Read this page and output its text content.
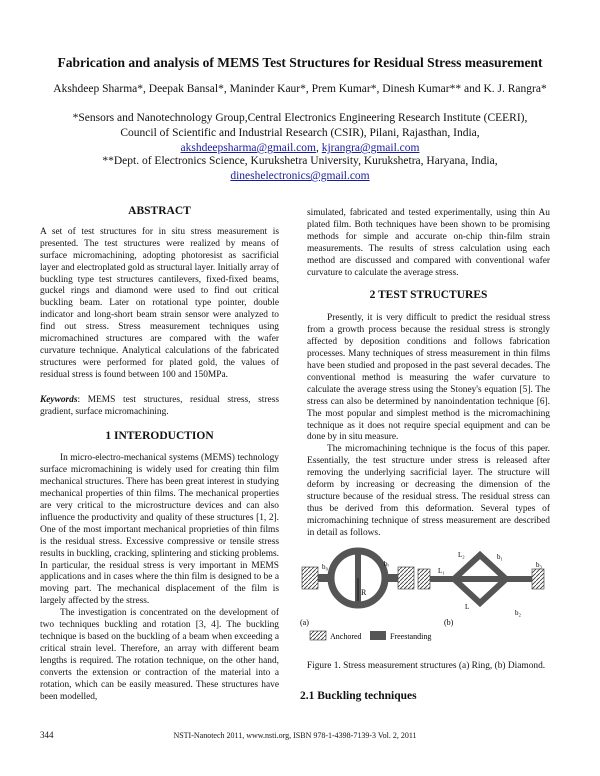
Fabrication and analysis of MEMS Test Structures for Residual Stress measurement
Akshdeep Sharma*, Deepak Bansal*, Maninder Kaur*, Prem Kumar*, Dinesh Kumar** and K. J. Rangra*
*Sensors and Nanotechnology Group,Central Electronics Engineering Research Institute (CEERI),
Council of Scientific and Industrial Research (CSIR), Pilani, Rajasthan, India,
akshdeepsharma@gmail.com, kjrangra@gmail.com
**Dept. of Electronics Science, Kurukshetra University, Kurukshetra, Haryana, India,
dineshelectronics@gmail.com

ABSTRACT

A set of test structures for in situ stress measurement is presented. The test structures were realized by means of surface micromachining, adopting photoresist as sacrificial layer and electroplated gold as structural layer. Initially array of buckling type test structures cantilevers, fixed-fixed beams, guckel rings and diamond were used to find out critical buckling beam. Later on rotational type pointer, double indicator and long-short beam strain sensor were analyzed to find out stress. Stress measurement techniques using micromachined structures are compared with the wafer curvature technique. Analytical calculations of the fabricated structures were performed for plated gold, the values of residual stress is found between 100 and 150MPa.

Keywords: MEMS test structures, residual stress, stress gradient, surface micromachining.

1 INTERODUCTION

In micro-electro-mechanical systems (MEMS) technology surface micromachining is widely used for creating thin film mechanical structures. There has been great interest in studying mechanical properties of thin films. The mechanical properties are very critical to the microstructure devices and can also influence the productivity and quality of these structures [1, 2]. One of the most important mechanical proprieties of thin films is the residual stress. Excessive compressive or tensile stress results in buckling, cracking, splintering and sticking problems. In particular, the residual stress is very important in MEMS applications and in cases where the thin film is designed to be a moving part. The mechanical displacement of the film is largely affected by the stress.

The investigation is concentrated on the development of two techniques buckling and rotation [3, 4]. The buckling technique is based on the buckling of a beam when exceeding a critical strain level. Therefore, an array with different beam lengths is required. The rotation technique, on the other hand, converts the extension or contraction of the material into a rotation, which can be easily measured. These structures have been modelled,

simulated, fabricated and tested experimentally, using thin Au plated film. Both techniques have been shown to be promising methods for simple and accurate on-chip thin-film strain measurements. The results of stress calculation using each method are discussed and compared with conventional wafer curvature to calculate the average stress.

2 TEST STRUCTURES

Presently, it is very difficult to predict the residual stress from a growth process because the residual stress is strongly affected by deposition conditions and follows fabrication processes. Many techniques of stress measurement in thin films have been studied and proposed in the past several decades. The conventional method is measuring the wafer curvature to calculate the average stress using the Stoney's equation [5]. The stress can also be determined by nanoindentation technique [6]. The most popular and simplest method is the micromachining technique as it does not require special equipment and can be done by in situ measure.

The micromachining technique is the focus of this paper. Essentially, the test structure under stress is released after removing the underlying sacrificial layer. The structure will deform by increasing or decreasing the dimension of the structure because of the residual stress. The residual stress can thus be derived from this deformation. Several types of micromachining technique of stress measurement are described in detail as follows.

R
b₀	bᵣ
(a)
L₁
L₂
L
b₁
b₂
b₃
(b)
Anchored	Freestanding
Figure 1. Stress measurement structures (a) Ring, (b) Diamond.
2.1 Buckling techniques
344	NSTI-Nanotech 2011, www.nsti.org, ISBN 978-1-4398-7139-3 Vol. 2, 2011
